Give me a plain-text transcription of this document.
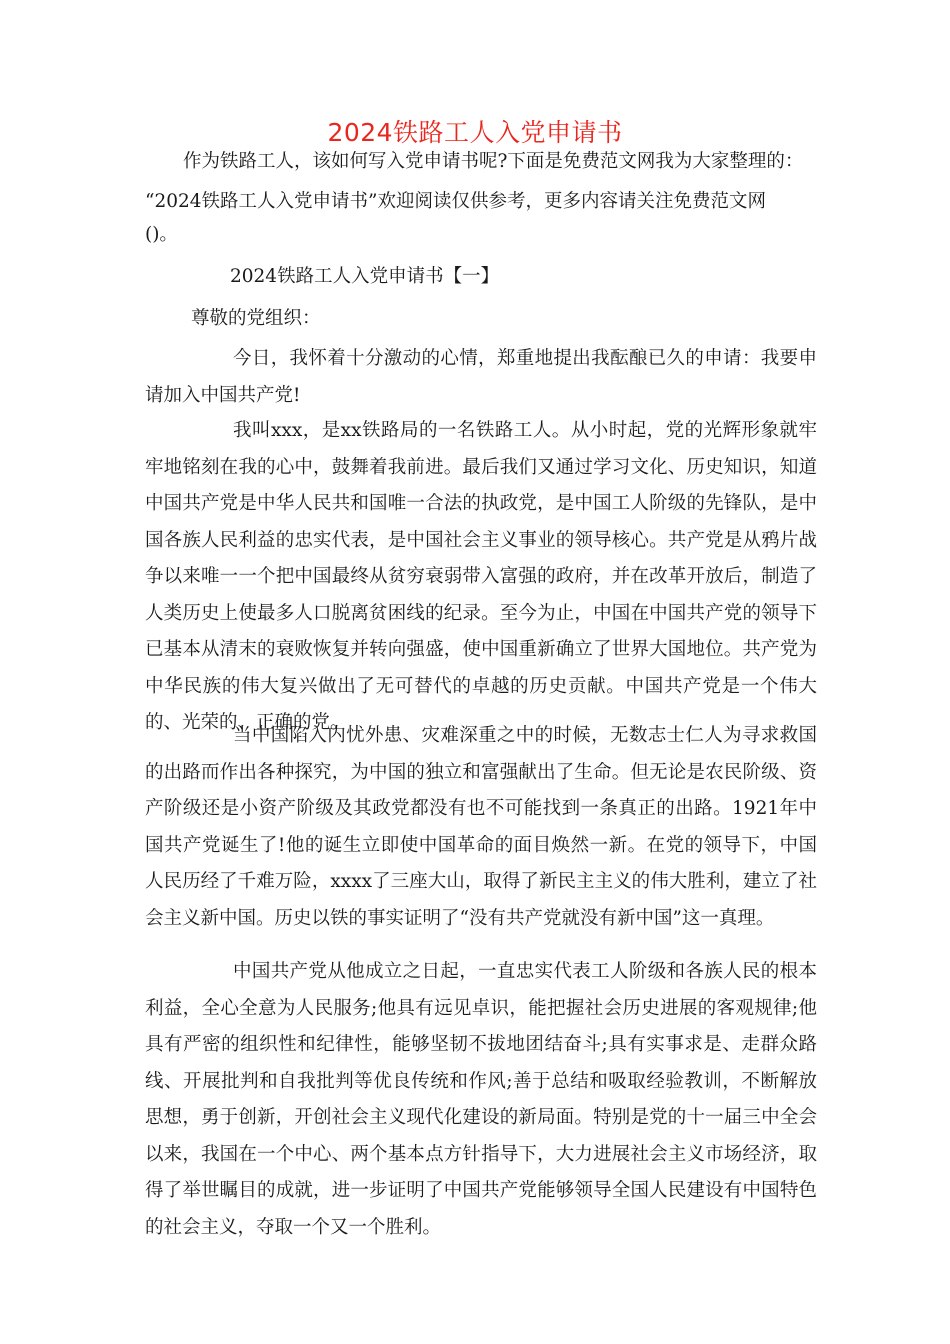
2024铁路工人入党申请书
作为铁路工人，该如何写入党申请书呢?下面是免费范文网我为大家整理的：
“2024铁路工人入党申请书”欢迎阅读仅供参考，更多内容请关注免费范文网
()。
2024铁路工人入党申请书【一】
尊敬的党组织：

今日，我怀着十分激动的心情，郑重地提出我酝酿已久的申请：我要申请加入中国共产党!

我叫xxx，是xx铁路局的一名铁路工人。从小时起，党的光辉形象就牢牢地铭刻在我的心中，鼓舞着我前进。最后我们又通过学习文化、历史知识，知道中国共产党是中华人民共和国唯一合法的执政党，是中国工人阶级的先锋队，是中国各族人民利益的忠实代表，是中国社会主义事业的领导核心。共产党是从鸦片战争以来唯一一个把中国最终从贫穷衰弱带入富强的政府，并在改革开放后，制造了人类历史上使最多人口脱离贫困线的纪录。至今为止，中国在中国共产党的领导下已基本从清末的衰败恢复并转向强盛，使中国重新确立了世界大国地位。共产党为中华民族的伟大复兴做出了无可替代的卓越的历史贡献。中国共产党是一个伟大的、光荣的、正确的党。

当中国陷入内忧外患、灾难深重之中的时候，无数志士仁人为寻求救国的出路而作出各种探究，为中国的独立和富强献出了生命。但无论是农民阶级、资产阶级还是小资产阶级及其政党都没有也不可能找到一条真正的出路。1921年中国共产党诞生了!他的诞生立即使中国革命的面目焕然一新。在党的领导下，中国人民历经了千难万险，xxxx了三座大山，取得了新民主主义的伟大胜利，建立了社会主义新中国。历史以铁的事实证明了“没有共产党就没有新中国”这一真理。

中国共产党从他成立之日起，一直忠实代表工人阶级和各族人民的根本利益，全心全意为人民服务;他具有远见卓识，能把握社会历史进展的客观规律;他具有严密的组织性和纪律性，能够坚韧不拔地团结奋斗;具有实事求是、走群众路线、开展批判和自我批判等优良传统和作风;善于总结和吸取经验教训，不断解放思想，勇于创新，开创社会主义现代化建设的新局面。特别是党的十一届三中全会以来，我国在一个中心、两个基本点方针指导下，大力进展社会主义市场经济，取得了举世瞩目的成就，进一步证明了中国共产党能够领导全国人民建设有中国特色的社会主义，夺取一个又一个胜利。
